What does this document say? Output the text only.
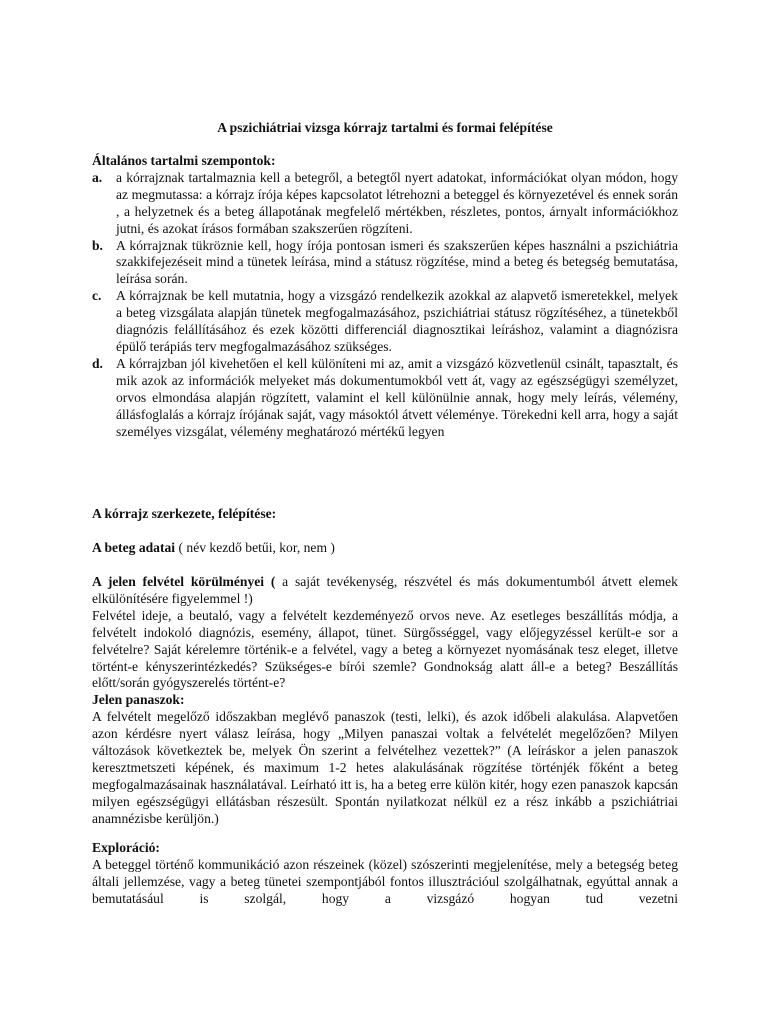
A pszichiátriai vizsga kórrajz tartalmi és formai felépítése
Általános tartalmi szempontok:
a. a kórrajznak tartalmaznia kell a betegről, a betegtől nyert adatokat, információkat olyan módon, hogy az megmutassa: a kórrajz írója képes kapcsolatot létrehozni a beteggel és környezetével és ennek során , a helyzetnek és a beteg állapotának megfelelő mértékben, részletes, pontos, árnyalt információkhoz jutni, és azokat írásos formában szakszerűen rögzíteni.
b. A kórrajznak tükröznie kell, hogy írója pontosan ismeri és szakszerűen képes használni a pszichiátria szakkifejezéseit mind a tünetek leírása, mind a státusz rögzítése, mind a beteg és betegség bemutatása, leírása során.
c. A kórrajznak be kell mutatnia, hogy a vizsgázó rendelkezik azokkal az alapvető ismeretekkel, melyek a beteg vizsgálata alapján tünetek megfogalmazásához, pszichiátriai státusz rögzítéséhez, a tünetekből diagnózis felállításához és ezek közötti differenciál diagnosztikai leíráshoz, valamint a diagnózisra épülő terápiás terv megfogalmazásához szükséges.
d. A kórrajzban jól kivehetően el kell különíteni mi az, amit a vizsgázó közvetlenül csinált, tapasztalt, és mik azok az információk melyeket más dokumentumokból vett át, vagy az egészségügyi személyzet, orvos elmondása alapján rögzített, valamint el kell különülnie annak, hogy mely leírás, vélemény, állásfoglalás a kórrajz írójának saját, vagy másoktól átvett véleménye. Törekedni kell arra, hogy a saját személyes vizsgálat, vélemény meghatározó mértékű legyen
A kórrajz szerkezete, felépítése:

A beteg adatai ( név kezdő betűi, kor, nem )

A jelen felvétel körülményei ( a saját tevékenység, részvétel és más dokumentumból átvett elemek elkülönítésére figyelemmel !)

Felvétel ideje, a beutaló, vagy a felvételt kezdeményező orvos neve. Az esetleges beszállítás módja, a felvételt indokoló diagnózis, esemény, állapot, tünet. Sürgősséggel, vagy előjegyzéssel került-e sor a felvételre? Saját kérelemre történik-e a felvétel, vagy a beteg a környezet nyomásának tesz eleget, illetve történt-e kényszerintézkedés? Szükséges-e bírói szemle? Gondnokság alatt áll-e a beteg? Beszállítás előtt/során gyógyszerelés történt-e?

Jelen panaszok:

A felvételt megelőző időszakban meglévő panaszok (testi, lelki), és azok időbeli alakulása. Alapvetően azon kérdésre nyert válasz leírása, hogy „Milyen panaszai voltak a felvételét megelőzően? Milyen változások következtek be, melyek Ön szerint a felvételhez vezettek?” (A leíráskor a jelen panaszok keresztmetszeti képének, és maximum 1-2 hetes alakulásának rögzítése történjék főként a beteg megfogalmazásainak használatával. Leírható itt is, ha a beteg erre külön kitér, hogy ezen panaszok kapcsán milyen egészségügyi ellátásban részesült. Spontán nyilatkozat nélkül ez a rész inkább a pszichiátriai anamnézisbe kerüljön.)

Exploráció:

A beteggel történő kommunikáció azon részeinek (közel) szószerinti megjelenítése, mely a betegség beteg általi jellemzése, vagy a beteg tünetei szempontjából fontos illusztrációul szolgálhatnak, egyúttal annak a bemutatásául is szolgál, hogy a vizsgázó hogyan tud vezetni
